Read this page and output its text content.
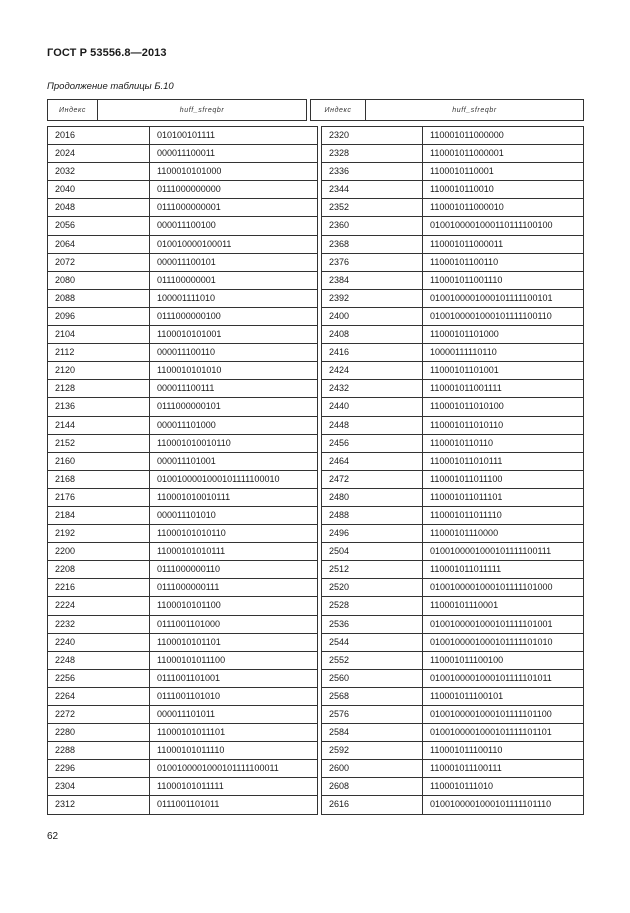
ГОСТ Р 53556.8—2013
Продолжение таблицы Б.10
Индекс	huff_sfreqbr		Индекс	huff_sfreqbr
2016	010100101111		2320	110001011000000
2024	000011100011		2328	110001011000001
2032	1100010101000		2336	1100010110001
2040	0111000000000		2344	1100010110010
2048	0111000000001		2352	110001011000010
2056	000011100100		2360	0100100001000110111100100
2064	010010000100011		2368	110001011000011
2072	000011100101		2376	11000101100110
2080	011100000001		2384	110001011001110
2088	100001111010		2392	0100100001000101111100101
2096	0111000000100		2400	0100100001000101111100110
2104	1100010101001		2408	11000101101000
2112	000011100110		2416	10000111110110
2120	1100010101010		2424	11000101101001
2128	000011100111		2432	110001011001111
2136	0111000000101		2440	110001011010100
2144	000011101000		2448	110001011010110
2152	110001010010110		2456	1100010110110
2160	000011101001		2464	110001011010111
2168	0100100001000101111100010		2472	110001011011100
2176	110001010010111		2480	110001011011101
2184	000011101010		2488	110001011011110
2192	11000101010110		2496	11000101110000
2200	11000101010111		2504	0100100001000101111100111
2208	0111000000110		2512	110001011011111
2216	0111000000111		2520	0100100001000101111101000
2224	1100010101100		2528	11000101110001
2232	0111001101000		2536	0100100001000101111101001
2240	1100010101101		2544	0100100001000101111101010
2248	11000101011100		2552	110001011100100
2256	0111001101001		2560	0100100001000101111101011
2264	0111001101010		2568	110001011100101
2272	000011101011		2576	0100100001000101111101100
2280	11000101011101		2584	0100100001000101111101101
2288	11000101011110		2592	110001011100110
2296	0100100001000101111100011		2600	110001011100111
2304	11000101011111		2608	1100010111010
2312	0111001101011		2616	0100100001000101111101110
62
